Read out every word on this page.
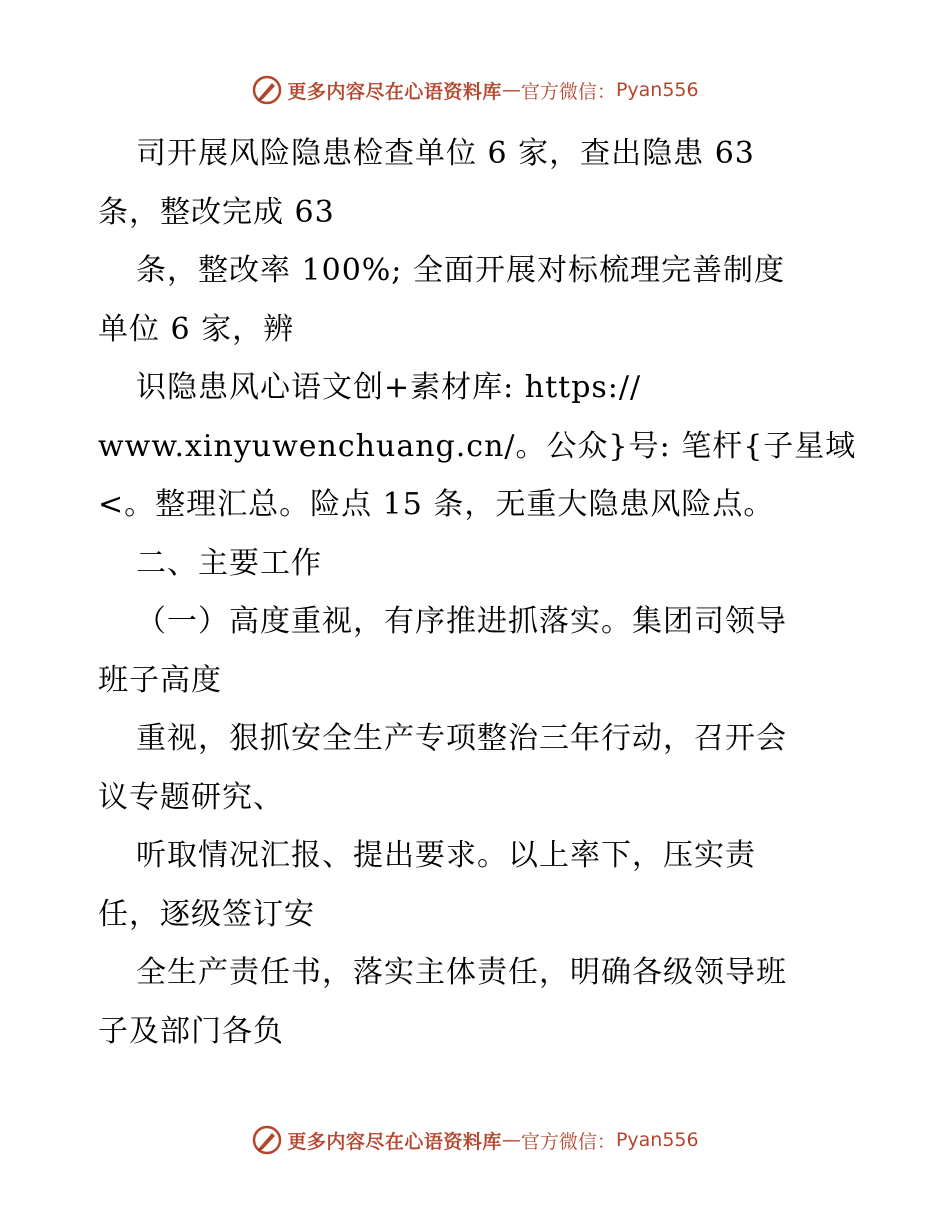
更多内容尽在心语资料库 — 官方微信： Pyan556
司开展风险隐患检查单位 6 家，查出隐患 63
条，整改完成 63
条，整改率 100%; 全面开展对标梳理完善制度
单位 6 家，辨
识隐患风心语文创+素材库: https://
www.xinyuwenchuang.cn/。公众}号: 笔杆{子星域
<。整理汇总。险点 15 条，无重大隐患风险点。
二、主要工作
（一）高度重视，有序推进抓落实。集团司领导
班子高度
重视，狠抓安全生产专项整治三年行动，召开会
议专题研究、
听取情况汇报、提出要求。以上率下，压实责
任，逐级签订安
全生产责任书，落实主体责任，明确各级领导班
子及部门各负
更多内容尽在心语资料库 — 官方微信： Pyan556
